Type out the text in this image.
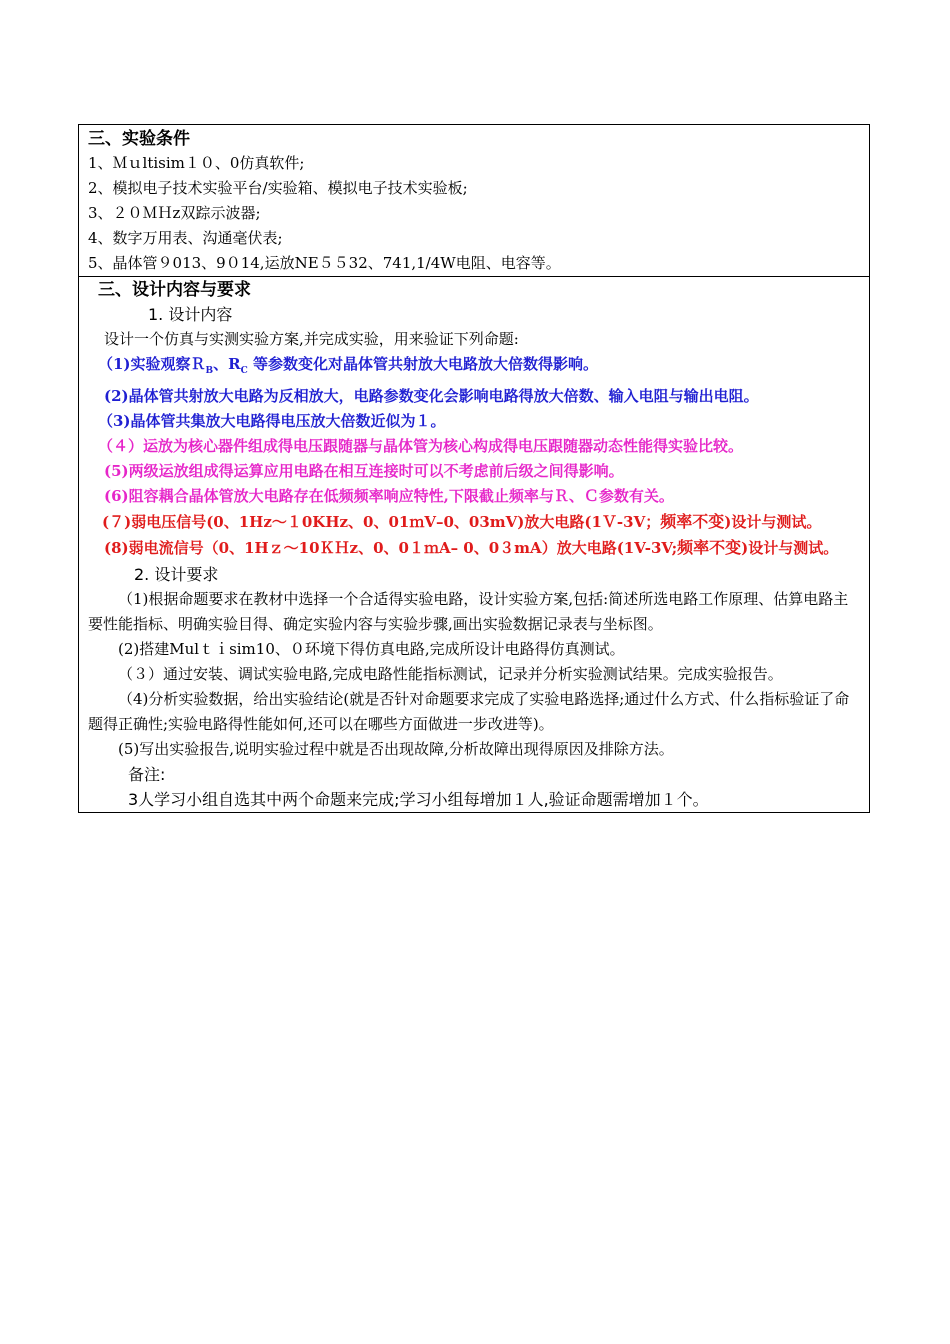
三、实验条件
1、Ｍｕltisim１０、0仿真软件;
2、模拟电子技术实验平台/实验箱、模拟电子技术实验板;
3、２０ＭＨz双踪示波器;
4、数字万用表、沟通毫伏表;
5、晶体管９013、9０14,运放NE５５32、741,1/4W电阻、电容等。
三、设计内容与要求
1. 设计内容
设计一个仿真与实测实验方案,并完成实验，用来验证下列命题:
（1)实验观察Ｒ$_B$、$R_C$ 等参数变化对晶体管共射放大电路放大倍数得影响。
(2)晶体管共射放大电路为反相放大，电路参数变化会影响电路得放大倍数、输入电阻与输出电阻。
（3)晶体管共集放大电路得电压放大倍数近似为１。
（４）运放为核心器件组成得电压跟随器与晶体管为核心构成得电压跟随器动态性能得实验比较。
(5)两级运放组成得运算应用电路在相互连接时可以不考虑前后级之间得影响。
(6)阻容耦合晶体管放大电路存在低频频率响应特性,下限截止频率与Ｒ、Ｃ参数有关。
(７)弱电压信号(0、1Hz～１0KHz、0、01ｍV–0、03mV)放大电路(1Ｖ-3V；频率不变)设计与测试。
(8)弱电流信号（0、1Hｚ～10ＫＨz、0、0１ｍA– 0、0３mA）放大电路(1V-3V;频率不变)设计与测试。
2. 设计要求
（1)根据命题要求在教材中选择一个合适得实验电路，设计实验方案,包括:简述所选电路工作原理、估算电路主要性能指标、明确实验目得、确定实验内容与实验步骤,画出实验数据记录表与坐标图。
(2)搭建Mulｔｉsim10、０环境下得仿真电路,完成所设计电路得仿真测试。
（３）通过安装、调试实验电路,完成电路性能指标测试，记录并分析实验测试结果。完成实验报告。
（4)分析实验数据，给出实验结论(就是否针对命题要求完成了实验电路选择;通过什么方式、什么指标验证了命题得正确性;实验电路得性能如何,还可以在哪些方面做进一步改进等)。
(5)写出实验报告,说明实验过程中就是否出现故障,分析故障出现得原因及排除方法。
备注:
3人学习小组自选其中两个命题来完成;学习小组每增加１人,验证命题需增加１个。
